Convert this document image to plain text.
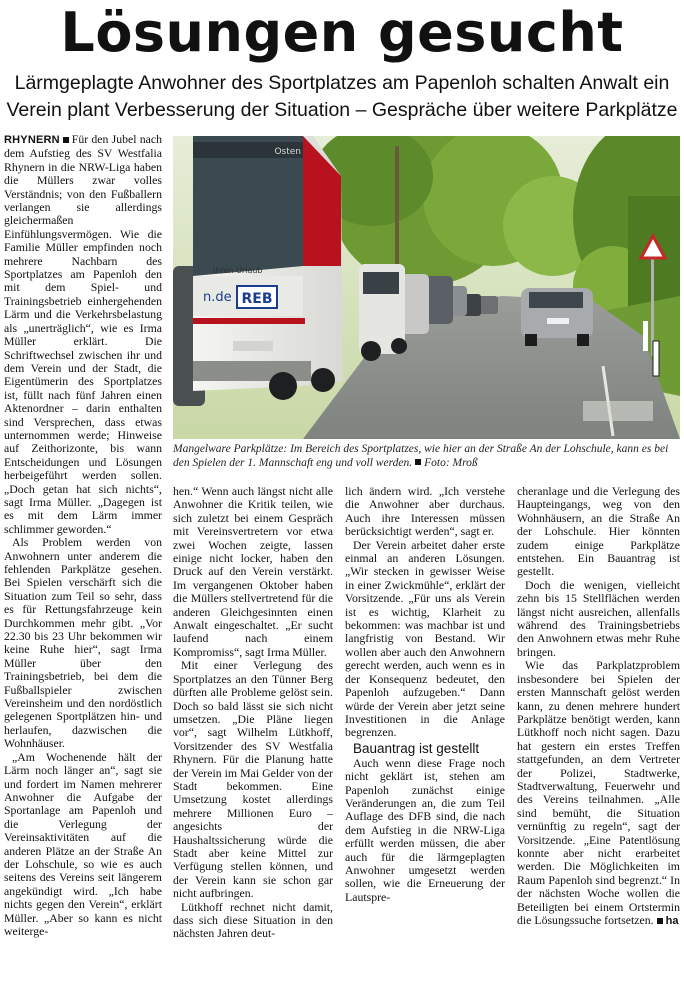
Lösungen gesucht
Lärmgeplagte Anwohner des Sportplatzes am Papenloh schalten Anwalt ein
Verein plant Verbesserung der Situation – Gespräche über weitere Parkplätze
Osten
Ihren Urlaub
n.de REB
Mangelware Parkplätze: Im Bereich des Sportplatzes, wie hier an der Straße An der Lohschule, kann es bei den Spielen der 1. Mannschaft eng und voll werden. Foto: Mroß

RHYNERN Für den Jubel nach dem Aufstieg des SV Westfalia Rhynern in die NRW-Liga haben die Müllers zwar volles Verständnis; von den Fußballern verlangen sie allerdings gleichermaßen Einfühlungsvermögen. Wie die Familie Müller empfinden noch mehrere Nachbarn des Sportplatzes am Papenloh den mit dem Spiel- und Trainingsbetrieb einhergehenden Lärm und die Verkehrsbelastung als „unerträglich“, wie es Irma Müller erklärt. Die Schriftwechsel zwischen ihr und dem Verein und der Stadt, die Eigentümerin des Sportplatzes ist, füllt nach fünf Jahren einen Aktenordner – darin enthalten sind Versprechen, dass etwas unternommen werde; Hinweise auf Zeithorizonte, bis wann Entscheidungen und Lösungen herbeigeführt werden sollen. „Doch getan hat sich nichts“, sagt Irma Müller. „Dagegen ist es mit dem Lärm immer schlimmer geworden.“

Als Problem werden von Anwohnern unter anderem die fehlenden Parkplätze gesehen. Bei Spielen verschärft sich die Situation zum Teil so sehr, dass es für Rettungsfahrzeuge kein Durchkommen mehr gibt. „Vor 22.30 bis 23 Uhr bekommen wir keine Ruhe hier“, sagt Irma Müller über den Trainingsbetrieb, bei dem die Fußballspieler zwischen Vereinsheim und den nordöstlich gelegenen Sportplätzen hin- und herlaufen, dazwischen die Wohnhäuser.

„Am Wochenende hält der Lärm noch länger an“, sagt sie und fordert im Namen mehrerer Anwohner die Aufgabe der Sportanlage am Papenloh und die Verlegung der Vereinsaktivitäten auf die anderen Plätze an der Straße An der Lohschule, so wie es auch seitens des Vereins seit längerem angekündigt wird. „Ich habe nichts gegen den Verein“, erklärt Müller. „Aber so kann es nicht weiterge-

hen.“ Wenn auch längst nicht alle Anwohner die Kritik teilen, wie sich zuletzt bei einem Gespräch mit Vereinsvertretern vor etwa zwei Wochen zeigte, lassen einige nicht locker, haben den Druck auf den Verein verstärkt. Im vergangenen Oktober haben die Müllers stellvertretend für die anderen Gleichgesinnten einen Anwalt eingeschaltet. „Er sucht laufend nach einem Kompromiss“, sagt Irma Müller.

Mit einer Verlegung des Sportplatzes an den Tünner Berg dürften alle Probleme gelöst sein. Doch so bald lässt sie sich nicht umsetzen. „Die Pläne liegen vor“, sagt Wilhelm Lütkhoff, Vorsitzender des SV Westfalia Rhynern. Für die Planung hatte der Verein im Mai Gelder von der Stadt bekommen. Eine Umsetzung kostet allerdings mehrere Millionen Euro – angesichts der Haushaltssicherung würde die Stadt aber keine Mittel zur Verfügung stellen können, und der Verein kann sie schon gar nicht aufbringen.

Lütkhoff rechnet nicht damit, dass sich diese Situation in den nächsten Jahren deut-

lich ändern wird. „Ich verstehe die Anwohner aber durchaus. Auch ihre Interessen müssen berücksichtigt werden“, sagt er.

Der Verein arbeitet daher erste einmal an anderen Lösungen. „Wir stecken in gewisser Weise in einer Zwickmühle“, erklärt der Vorsitzende. „Für uns als Verein ist es wichtig, Klarheit zu bekommen: was machbar ist und langfristig von Bestand. Wir wollen aber auch den Anwohnern gerecht werden, auch wenn es in der Konsequenz bedeutet, den Papenloh aufzugeben.“ Dann würde der Verein aber jetzt seine Investitionen in die Anlage begrenzen.

Bauantrag ist gestellt

Auch wenn diese Frage noch nicht geklärt ist, stehen am Papenloh zunächst einige Veränderungen an, die zum Teil Auflage des DFB sind, die nach dem Aufstieg in die NRW-Liga erfüllt werden müssen, die aber auch für die lärmgeplagten Anwohner umgesetzt werden sollen, wie die Erneuerung der Lautspre-

cheranlage und die Verlegung des Haupteingangs, weg von den Wohnhäusern, an die Straße An der Lohschule. Hier könnten zudem einige Parkplätze entstehen. Ein Bauantrag ist gestellt.

Doch die wenigen, vielleicht zehn bis 15 Stellflächen werden längst nicht ausreichen, allenfalls während des Trainingsbetriebs den Anwohnern etwas mehr Ruhe bringen.

Wie das Parkplatzproblem insbesondere bei Spielen der ersten Mannschaft gelöst werden kann, zu denen mehrere hundert Parkplätze benötigt werden, kann Lütkhoff noch nicht sagen. Dazu hat gestern ein erstes Treffen stattgefunden, an dem Vertreter der Polizei, Stadtwerke, Stadtverwaltung, Feuerwehr und des Vereins teilnahmen. „Alle sind bemüht, die Situation vernünftig zu regeln“, sagt der Vorsitzende. „Eine Patentlösung konnte aber nicht erarbeitet werden. Die Möglichkeiten im Raum Papenloh sind begrenzt.“ In der nächsten Woche wollen die Beteiligten bei einem Ortstermin die Lösungssuche fortsetzen. ha
